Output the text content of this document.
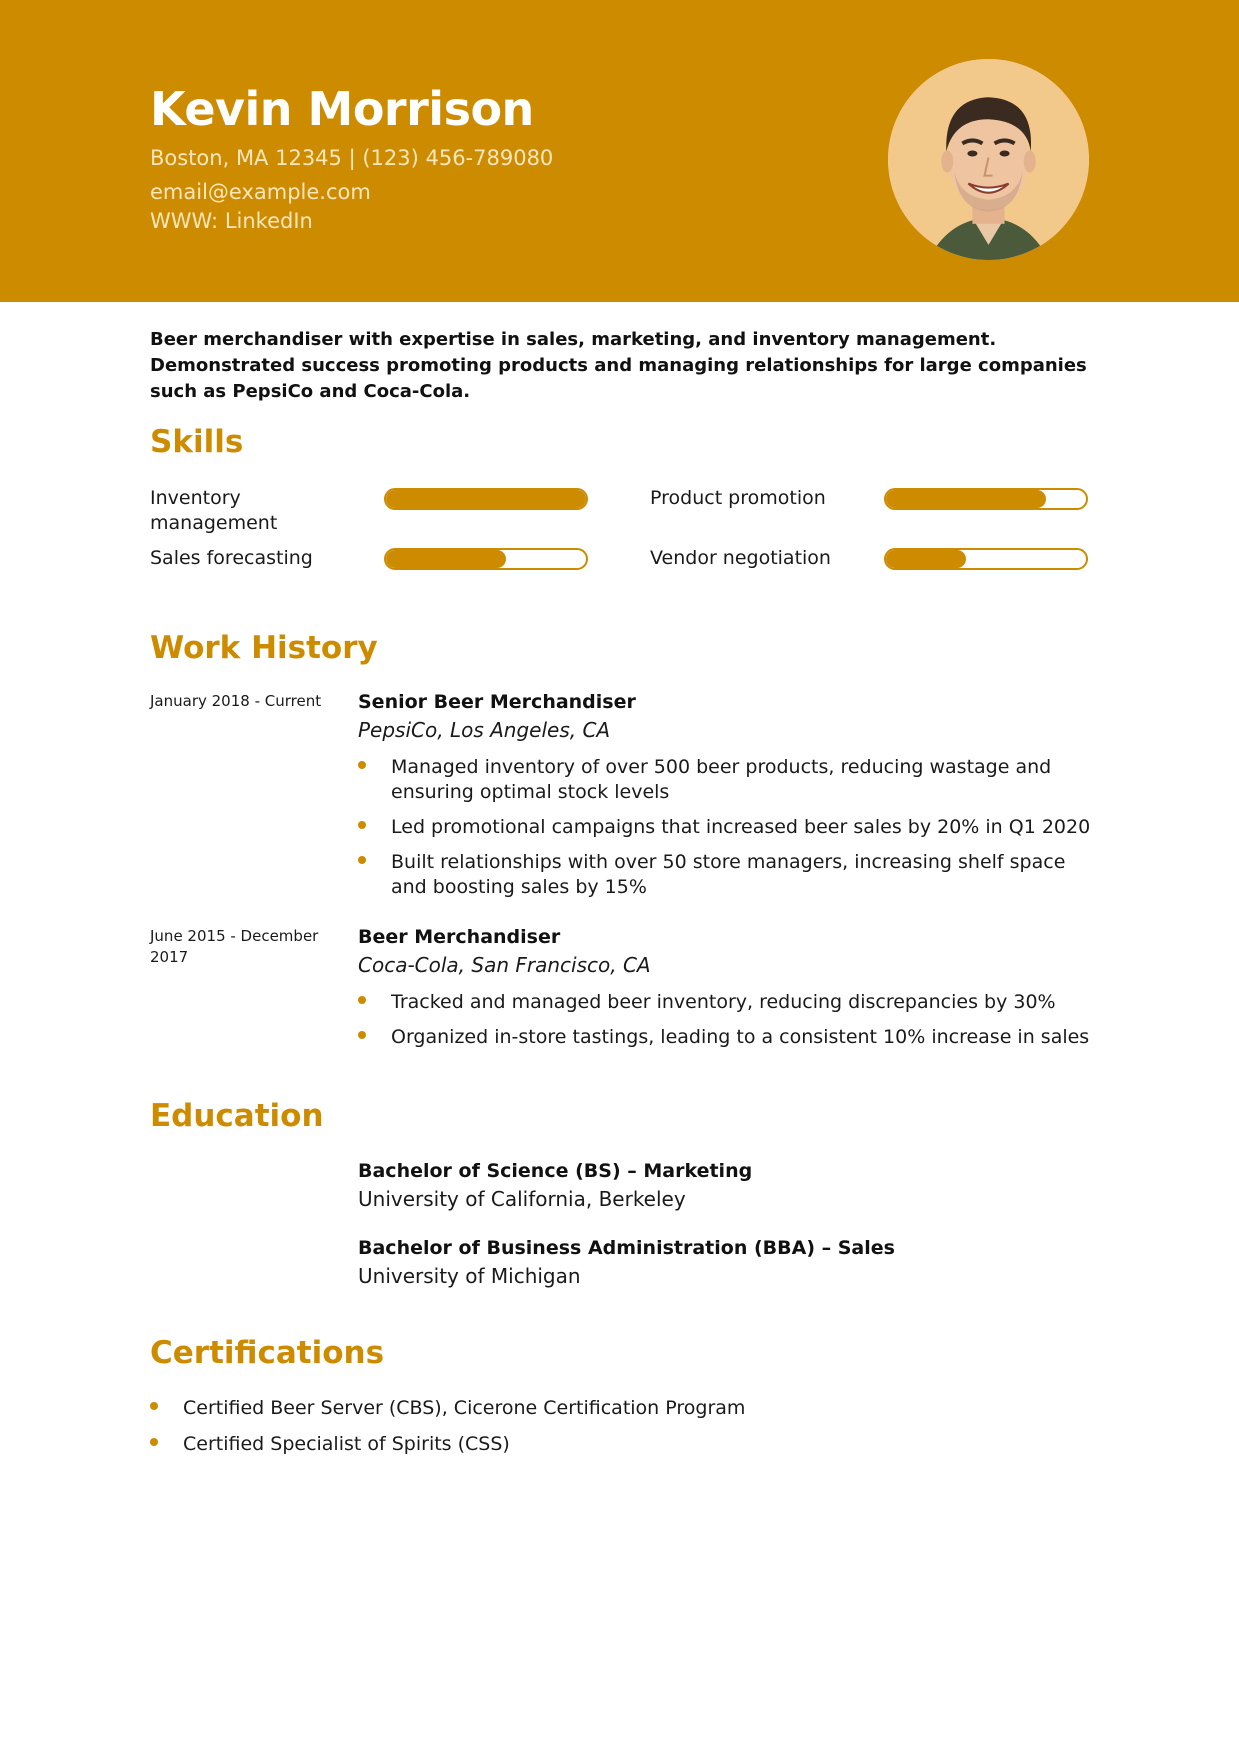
Kevin Morrison
Boston, MA 12345 | (123) 456-789080
email@example.com
WWW: LinkedIn
Beer merchandiser with expertise in sales, marketing, and inventory management. Demonstrated success promoting products and managing relationships for large companies such as PepsiCo and Coca-Cola.
Skills
Inventory management
Product promotion
Sales forecasting	Vendor negotiation
Work History
January 2018 - Current	Senior Beer Merchandiser
PepsiCo, Los Angeles, CA
Managed inventory of over 500 beer products, reducing wastage and ensuring optimal stock levels
Led promotional campaigns that increased beer sales by 20% in Q1 2020
Built relationships with over 50 store managers, increasing shelf space and boosting sales by 15%
June 2015 - December 2017
Beer Merchandiser
Coca-Cola, San Francisco, CA
Tracked and managed beer inventory, reducing discrepancies by 30%
Organized in-store tastings, leading to a consistent 10% increase in sales
Education
Bachelor of Science (BS) – Marketing
University of California, Berkeley
Bachelor of Business Administration (BBA) – Sales
University of Michigan
Certifications
Certified Beer Server (CBS), Cicerone Certification Program
Certified Specialist of Spirits (CSS)
